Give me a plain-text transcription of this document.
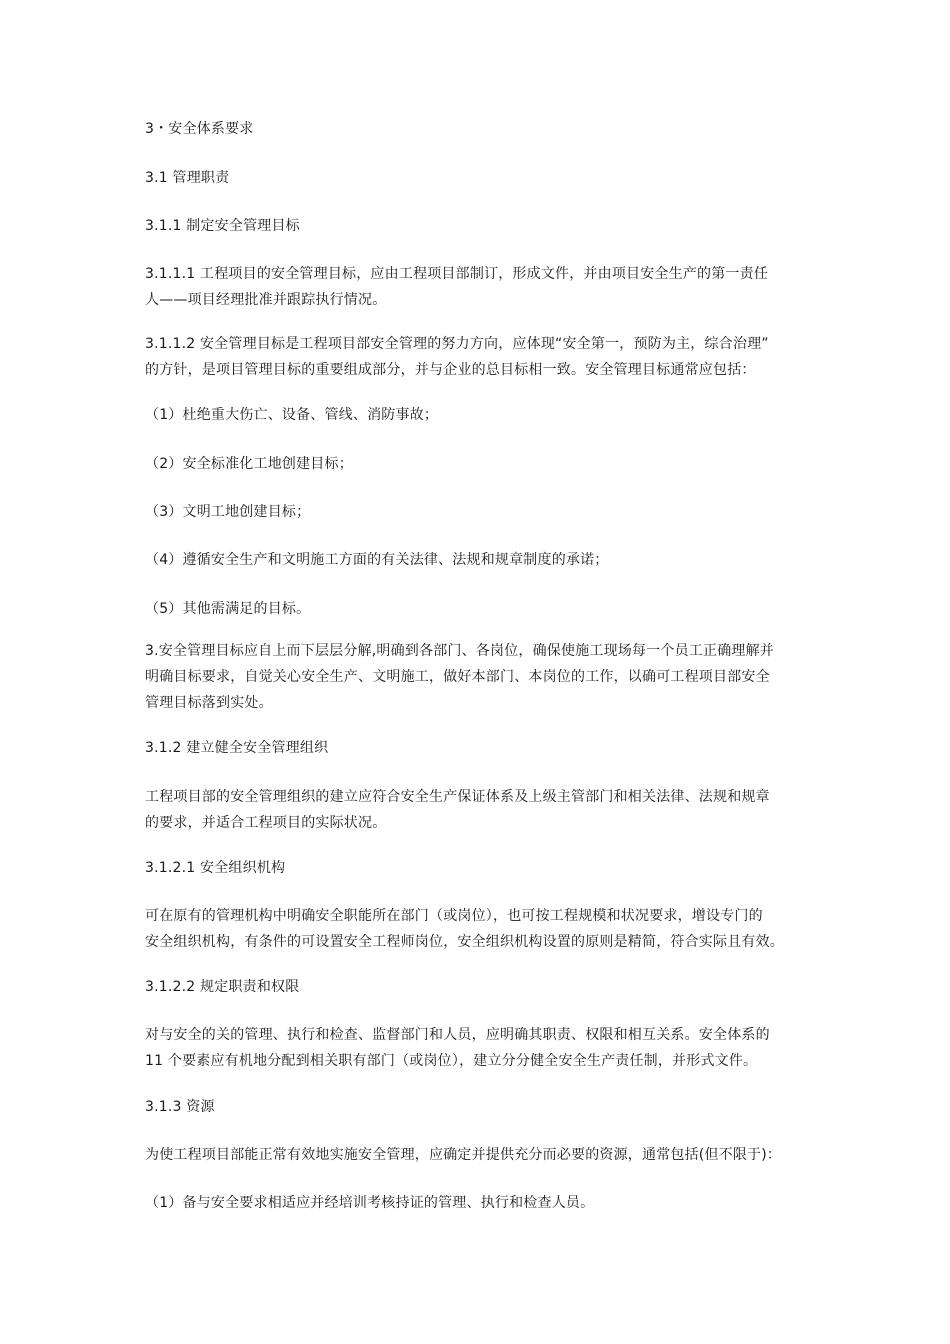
3・安全体系要求

3.1 管理职责

3.1.1 制定安全管理目标

3.1.1.1 工程项目的安全管理目标，应由工程项目部制订，形成文件，并由项目安全生产的第一责任
人——项目经理批准并跟踪执行情况。

3.1.1.2 安全管理目标是工程项目部安全管理的努力方向，应体现“安全第一，预防为主，综合治理”
的方针，是项目管理目标的重要组成部分，并与企业的总目标相一致。安全管理目标通常应包括：

（1）杜绝重大伤亡、设备、管线、消防事故；

（2）安全标准化工地创建目标；

（3）文明工地创建目标；

（4）遵循安全生产和文明施工方面的有关法律、法规和规章制度的承诺；

（5）其他需满足的目标。

3.安全管理目标应自上而下层层分解,明确到各部门、各岗位，确保使施工现场每一个员工正确理解并
明确目标要求，自觉关心安全生产、文明施工，做好本部门、本岗位的工作，以确可工程项目部安全
管理目标落到实处。

3.1.2 建立健全安全管理组织

工程项目部的安全管理组织的建立应符合安全生产保证体系及上级主管部门和相关法律、法规和规章
的要求，并适合工程项目的实际状况。

3.1.2.1 安全组织机构

可在原有的管理机构中明确安全职能所在部门（或岗位），也可按工程规模和状况要求，增设专门的
安全组织机构，有条件的可设置安全工程师岗位，安全组织机构设置的原则是精简，符合实际且有效。

3.1.2.2 规定职责和权限

对与安全的关的管理、执行和检查、监督部门和人员，应明确其职责、权限和相互关系。安全体系的
11 个要素应有机地分配到相关职有部门（或岗位），建立分分健全安全生产责任制，并形式文件。

3.1.3 资源

为使工程项目部能正常有效地实施安全管理，应确定并提供充分而必要的资源，通常包括(但不限于)：

（1）备与安全要求相适应并经培训考核持证的管理、执行和检查人员。
